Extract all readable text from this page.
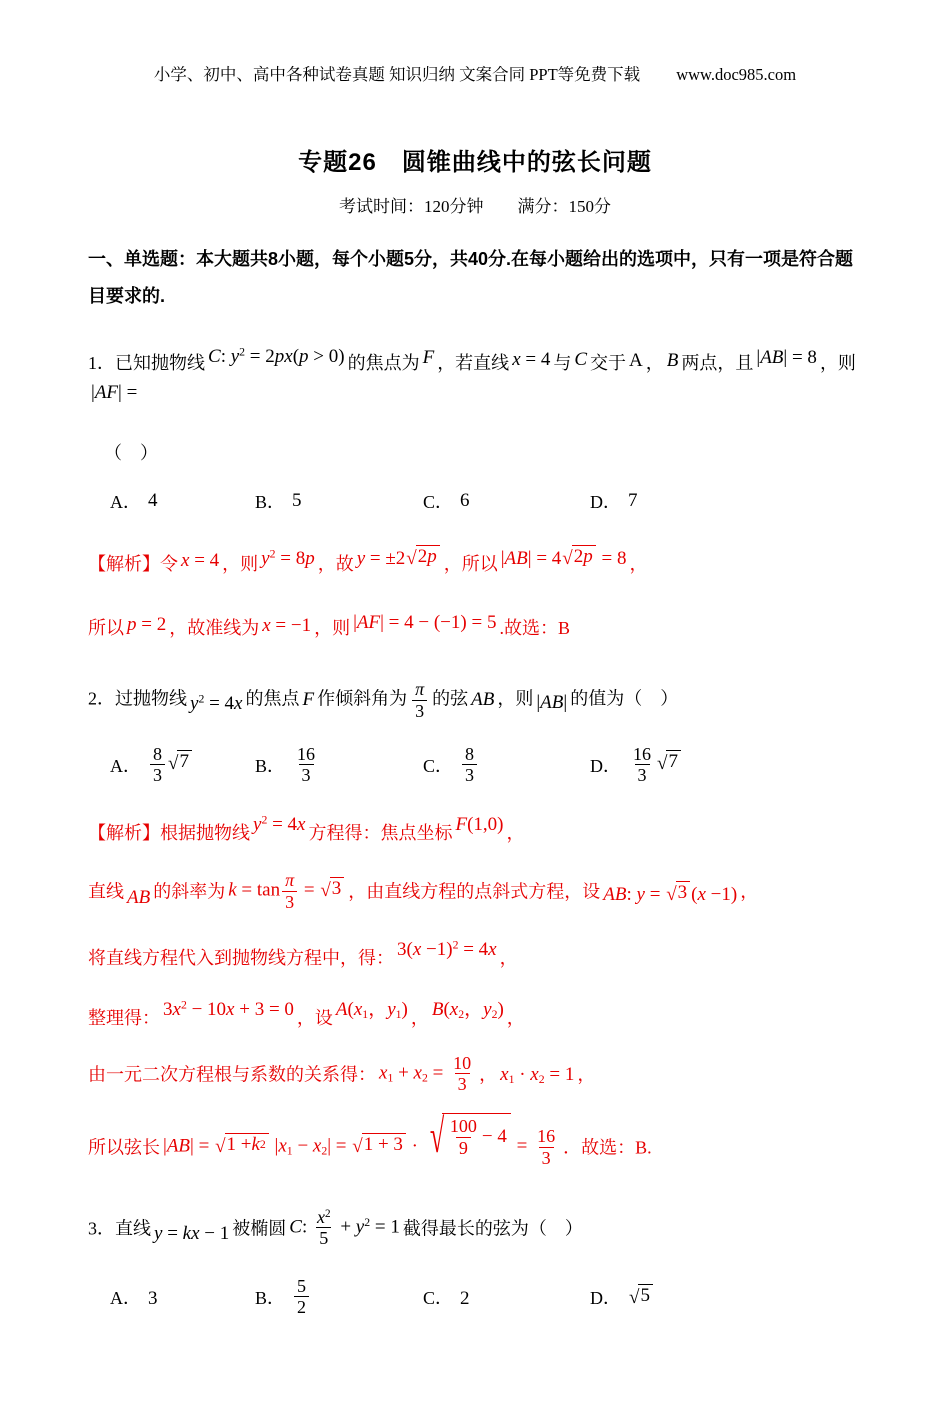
小学、初中、高中各种试卷真题 知识归纳 文案合同 PPT等免费下载 www.doc985.com

专题26　圆锥曲线中的弦长问题

考试时间：120分钟　　满分：150分

一、单选题：本大题共8小题，每个小题5分，共40分.在每小题给出的选项中，只有一项是符合题目要求的.

1．已知抛物线 C: $y^2 = 2px(p > 0)$ 的焦点为 F ，若直线 x = 4 与 C 交于 A ， B 两点，且 |AB| = 8 ，则|AF| =

（　）

A． 4	B． 5	C． 6	D． 7

【解析】令 x = 4 ，则 $y^2 = 8p$ ，故 y = ±2 √ 2 p ，所以 |AB| = 4 √ 2 p = 8 ，

所以 p = 2 ，故准线为 x = −1 ，则 |AF| = 4 − (−1) = 5 .故选：B

2．过抛物线 $y^2 = 4x$ 的焦点 F 作倾斜角为 $\frac{\pi}{3}$ 的弦 AB ，则 |AB| 的值为（　）

A． $\frac{8}{3}$ √ 7	B． $\frac{16}{3}$	C． $\frac{8}{3}$	D． $\frac{16}{3}$ √ 7

【解析】根据抛物线 $y^2 = 4x$ 方程得：焦点坐标 F(1,0) ，

直线 AB 的斜率为 $k = \tan \frac{\pi}{3}$ = √ 3 ，由直线方程的点斜式方程，设 AB: y = √ 3 (x −1) ，

将直线方程代入到抛物线方程中，得： $3(x -1)^2 = 4x$ ，

整理得： $3x^2 - 10x + 3 = 0$ ，设 $A(x_1$，$y_1$) ， $B(x_2$，$y_2$) ，

由一元二次方程根与系数的关系得： $x_1 + x_2 = \frac{10}{3}$ ， $x_1 \cdot x_2 = 1$ ，

所以弦长 |AB| = √ 1 + k 2 $|x_1 - x_2|$ = √ 1 + 3 · √ $\frac{100}{9} - 4 = \frac{16}{3}$ ．故选：B.

3．直线 y = kx − 1 被椭圆 C: $\frac{x^2}{5} + y^2 = 1$ 截得最长的弦为（　）

A． 3	B． $\frac{5}{2}$	C． 2	D． √ 5
